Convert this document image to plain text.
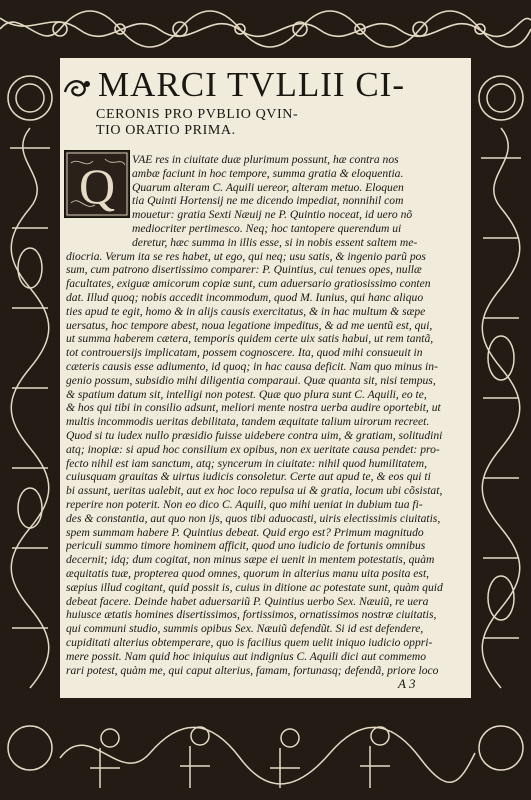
MARCI TVLLII CI-
CERONIS PRO PVBLIO QVIN-
TIO ORATIO PRIMA.
Q VAE res in ciuitate duæ plurimum possunt, hæ contra nos
ambæ faciunt in hoc tempore, summa gratia & eloquentia.
Quarum alteram C. Aquili uereor, alteram metuo. Eloquen
tia Quinti Hortensij ne me dicendo impediat, nonnihil com
mouetur: gratia Sexti Næuij ne P. Quintio noceat, id uero nõ
mediocriter pertimesco. Neq; hoc tantopere querendum ui
deretur, hæc summa in illis esse, si in nobis essent saltem me-
diocria. Verum ita se res habet, ut ego, qui neq; usu satis, & ingenio parũ pos
sum, cum patrono disertissimo comparer: P. Quintius, cui tenues opes, nullæ
facultates, exiguæ amicorum copiæ sunt, cum aduersario gratiosissimo conten
dat. Illud quoq; nobis accedit incommodum, quod M. Iunius, qui hanc aliquo
ties apud te egit, homo & in alijs causis exercitatus, & in hac multum & sæpe
uersatus, hoc tempore abest, noua legatione impeditus, & ad me uentũ est, qui,
ut summa haberem cætera, temporis quidem certe uix satis habui, ut rem tantã,
tot controuersijs implicatam, possem cognoscere. Ita, quod mihi consueuit in
cæteris causis esse adiumento, id quoq; in hac causa deficit. Nam quo minus in-
genio possum, subsidio mihi diligentia comparaui. Quæ quanta sit, nisi tempus,
& spatium datum sit, intelligi non potest. Quæ quo plura sunt C. Aquili, eo te,
& hos qui tibi in consilio adsunt, meliori mente nostra uerba audire oportebit, ut
multis incommodis ueritas debilitata, tandem æquitate talium uirorum recreet.
Quod si tu iudex nullo præsidio fuisse uidebere contra uim, & gratiam, solitudini
atq; inopiæ: si apud hoc consilium ex opibus, non ex ueritate causa pendet: pro-
fecto nihil est iam sanctum, atq; syncerum in ciuitate: nihil quod humilitatem,
cuiusquam grauitas & uirtus iudicis consoletur. Certe aut apud te, & eos qui ti
bi assunt, ueritas ualebit, aut ex hoc loco repulsa ui & gratia, locum ubi cõsistat,
reperire non poterit. Non eo dico C. Aquili, quo mihi ueniat in dubium tua fi-
des & constantia, aut quo non ijs, quos tibi aduocasti, uiris electissimis ciuitatis,
spem summam habere P. Quintius debeat. Quid ergo est? Primum magnitudo
periculi summo timore hominem afficit, quod uno iudicio de fortunis omnibus
decernit; idq; dum cogitat, non minus sæpe ei uenit in mentem potestatis, quàm
æquitatis tuæ, propterea quod omnes, quorum in alterius manu uita posita est,
sæpius illud cogitant, quid possit is, cuius in ditione ac potestate sunt, quàm quid
debeat facere. Deinde habet aduersariũ P. Quintius uerbo Sex. Næuiũ, re uera
huiusce ætatis homines disertissimos, fortissimos, ornatissimos nostræ ciuitatis,
qui communi studio, summis opibus Sex. Næuiũ defendũt. Si id est defendere,
cupiditati alterius obtemperare, quo is facilius quem uelit iniquo iudicio oppri-
mere possit. Nam quid hoc iniquius aut indignius C. Aquili dici aut commemo
rari potest, quàm me, qui caput alterius, famam, fortunasq; defendã, priore loco
A 3
